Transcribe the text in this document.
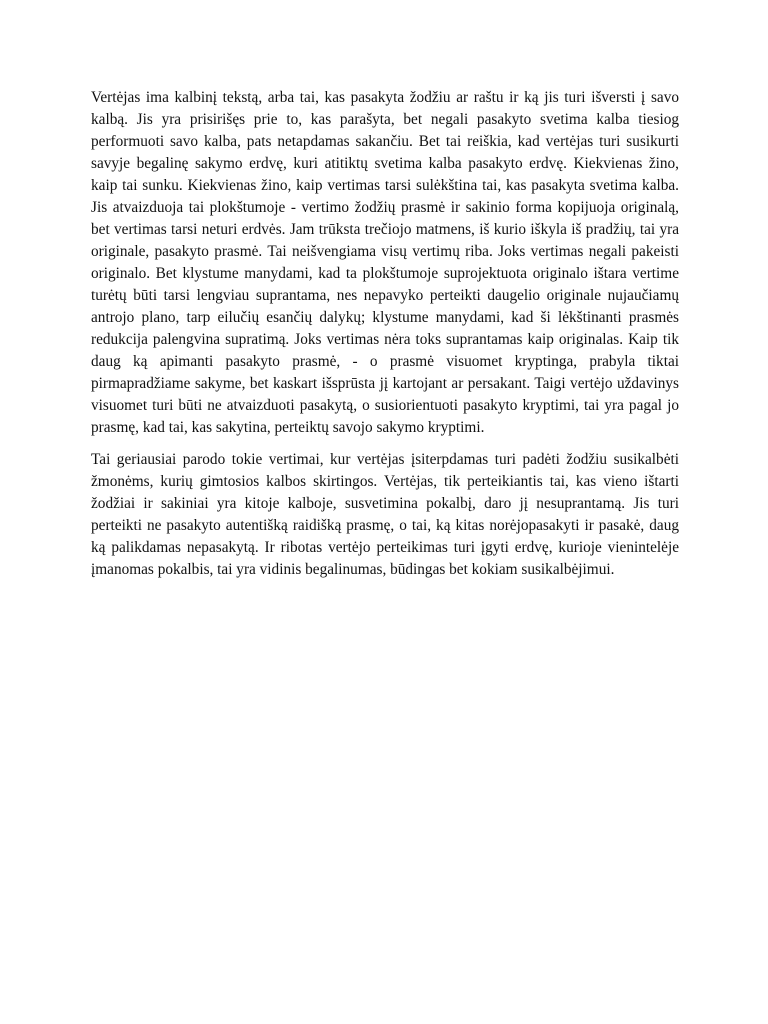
Vertėjas ima kalbinį tekstą, arba tai, kas pasakyta žodžiu ar raštu ir ką jis turi išversti į savo kalbą. Jis yra prisirišęs prie to, kas parašyta, bet negali pasakyto svetima kalba tiesiog performuoti savo kalba, pats netapdamas sakančiu. Bet tai reiškia, kad vertėjas turi susikurti savyje begalinę sakymo erdvę, kuri atitiktų svetima kalba pasakyto erdvę. Kiekvienas žino, kaip tai sunku. Kiekvienas žino, kaip vertimas tarsi sulėkština tai, kas pasakyta svetima kalba. Jis atvaizduoja tai plokštumoje - vertimo žodžių prasmė ir sakinio forma kopijuoja originalą, bet vertimas tarsi neturi erdvės. Jam trūksta trečiojo matmens, iš kurio iškyla iš pradžių, tai yra originale, pasakyto prasmė. Tai neišvengiama visų vertimų riba. Joks vertimas negali pakeisti originalo. Bet klystume manydami, kad ta plokštumoje suprojektuota originalo ištara vertime turėtų būti tarsi lengviau suprantama, nes nepavyko perteikti daugelio originale nujaučiamų antrojo plano, tarp eilučių esančių dalykų; klystume manydami, kad ši lėkštinanti prasmės redukcija palengvina supratimą. Joks vertimas nėra toks suprantamas kaip originalas. Kaip tik daug ką apimanti pasakyto prasmė, - o prasmė visuomet kryptinga, prabyla tiktai pirmapradžiame sakyme, bet kaskart išsprūsta jį kartojant ar persakant. Taigi vertėjo uždavinys visuomet turi būti ne atvaizduoti pasakytą, o susiorientuoti pasakyto kryptimi, tai yra pagal jo prasmę, kad tai, kas sakytina, perteiktų savojo sakymo kryptimi.

Tai geriausiai parodo tokie vertimai, kur vertėjas įsiterpdamas turi padėti žodžiu susikalbėti žmonėms, kurių gimtosios kalbos skirtingos. Vertėjas, tik perteikiantis tai, kas vieno ištarti žodžiai ir sakiniai yra kitoje kalboje, susvetimina pokalbį, daro jį nesuprantamą. Jis turi perteikti ne pasakyto autentišką raidišką prasmę, o tai, ką kitas norėjopasakyti ir pasakė, daug ką palikdamas nepasakytą. Ir ribotas vertėjo perteikimas turi įgyti erdvę, kurioje vienintelėje įmanomas pokalbis, tai yra vidinis begalinumas, būdingas bet kokiam susikalbėjimui.
